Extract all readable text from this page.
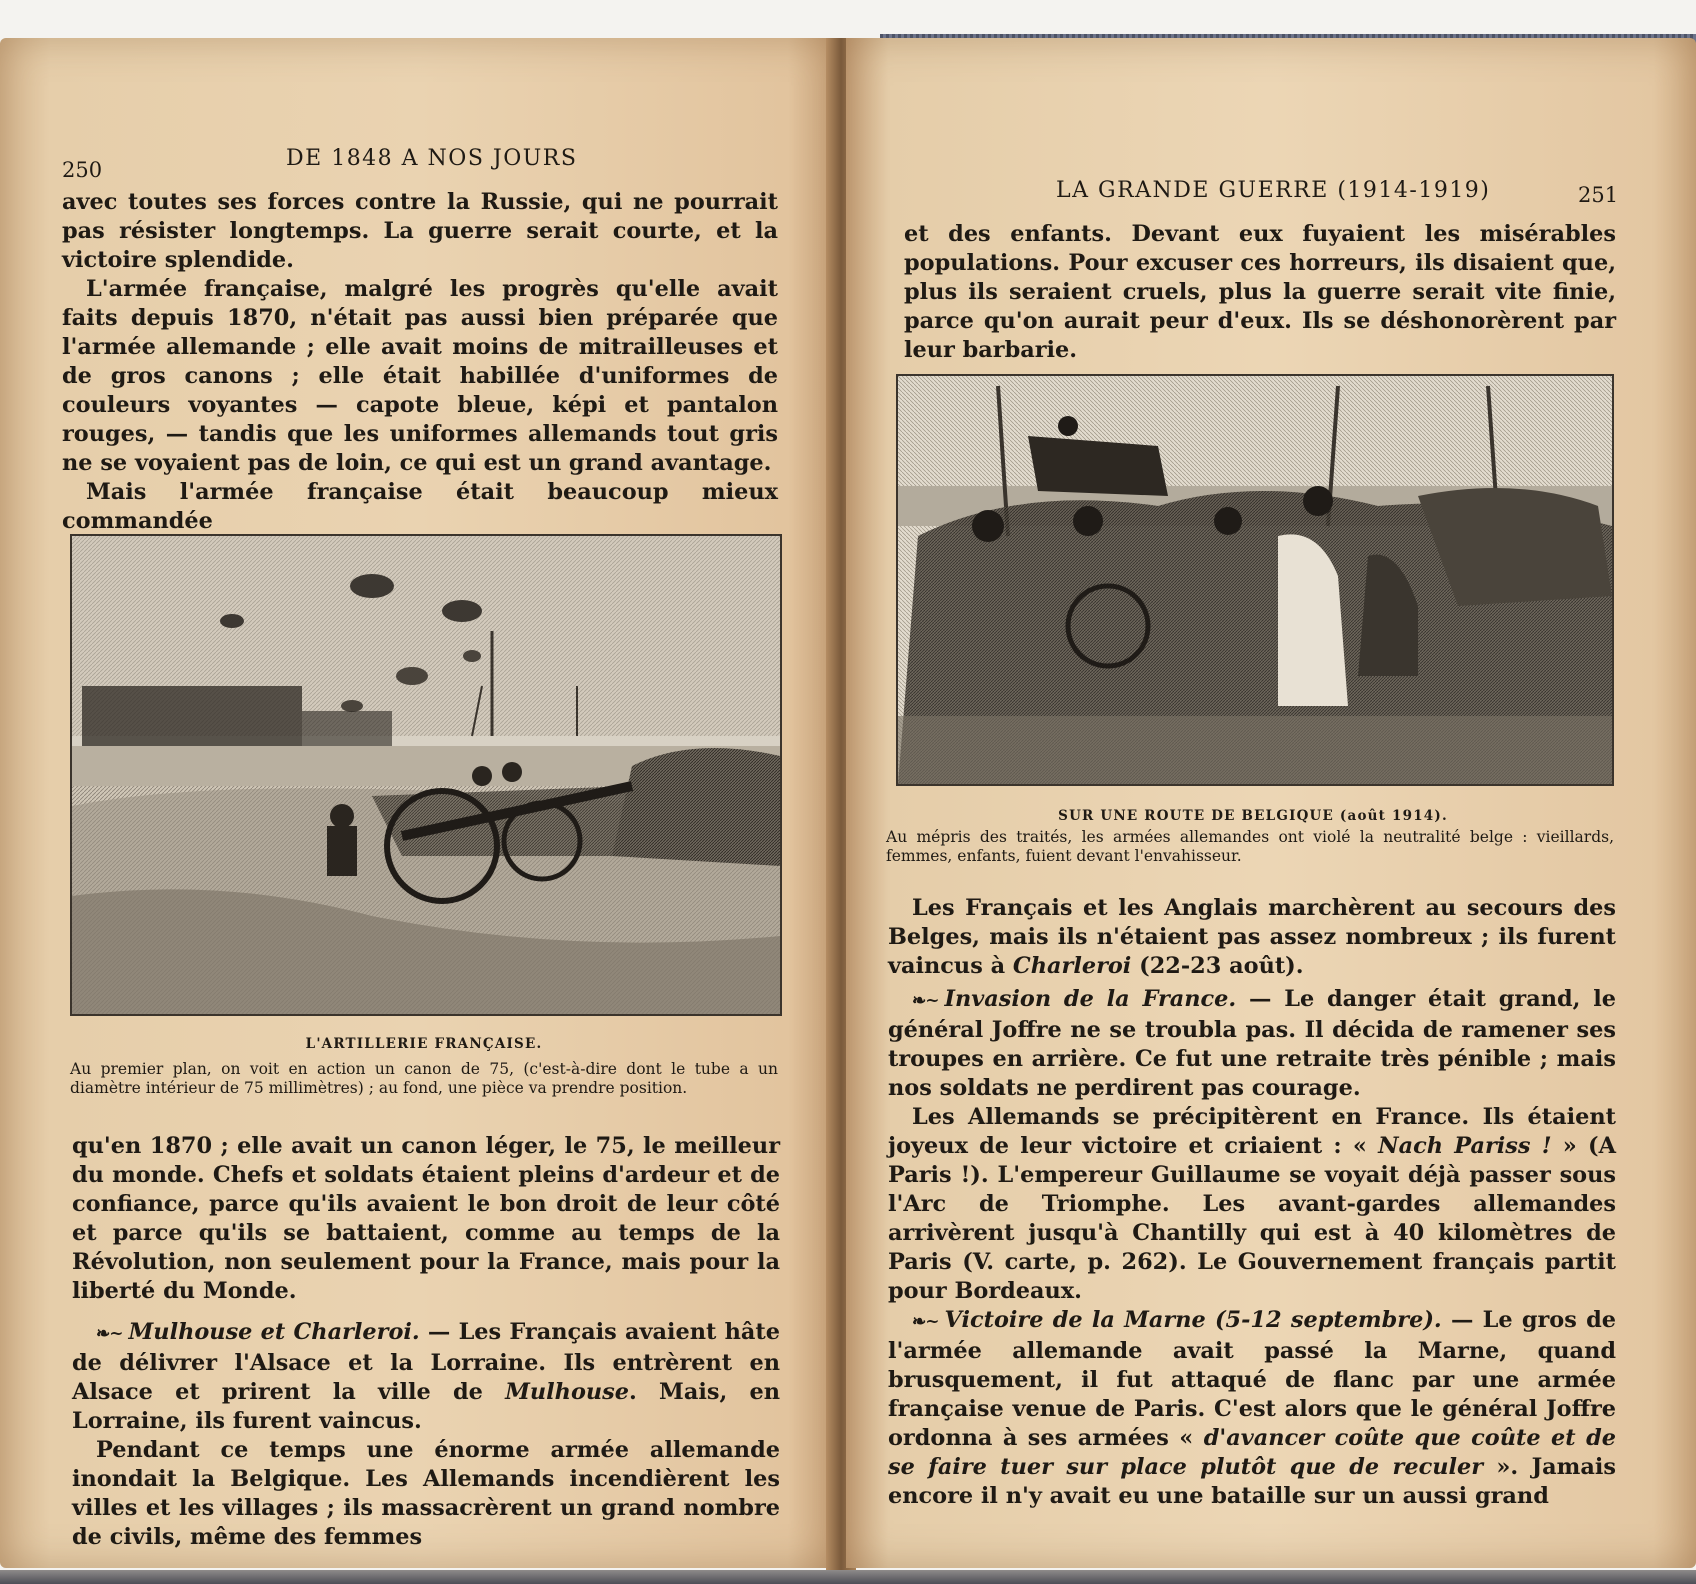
250	DE 1848 A NOS JOURS

avec toutes ses forces contre la Russie, qui ne pourrait pas résister longtemps. La guerre serait courte, et la victoire splendide.

L'armée française, malgré les progrès qu'elle avait faits depuis 1870, n'était pas aussi bien préparée que l'armée allemande ; elle avait moins de mitrailleuses et de gros canons ; elle était habillée d'uniformes de couleurs voyantes — capote bleue, képi et pantalon rouges, — tandis que les uniformes allemands tout gris ne se voyaient pas de loin, ce qui est un grand avantage.

Mais l'armée française était beaucoup mieux commandée

L'ARTILLERIE FRANÇAISE.
Au premier plan, on voit en action un canon de 75, (c'est-à-dire dont le tube a un diamètre intérieur de 75 millimètres) ; au fond, une pièce va prendre position.

qu'en 1870 ; elle avait un canon léger, le 75, le meilleur du monde. Chefs et soldats étaient pleins d'ardeur et de confiance, parce qu'ils avaient le bon droit de leur côté et parce qu'ils se battaient, comme au temps de la Révolution, non seulement pour la France, mais pour la liberté du Monde.

❧~ Mulhouse et Charleroi. — Les Français avaient hâte de délivrer l'Alsace et la Lorraine. Ils entrèrent en Alsace et prirent la ville de Mulhouse. Mais, en Lorraine, ils furent vaincus.

Pendant ce temps une énorme armée allemande inondait la Belgique. Les Allemands incendièrent les villes et les villages ; ils massacrèrent un grand nombre de civils, même des femmes

LA GRANDE GUERRE (1914-1919)	251

et des enfants. Devant eux fuyaient les misérables populations. Pour excuser ces horreurs, ils disaient que, plus ils seraient cruels, plus la guerre serait vite finie, parce qu'on aurait peur d'eux. Ils se déshonorèrent par leur barbarie.

SUR UNE ROUTE DE BELGIQUE (août 1914).
Au mépris des traités, les armées allemandes ont violé la neutralité belge : vieillards, femmes, enfants, fuient devant l'envahisseur.

Les Français et les Anglais marchèrent au secours des Belges, mais ils n'étaient pas assez nombreux ; ils furent vaincus à Charleroi (22-23 août).

❧~ Invasion de la France. — Le danger était grand, le général Joffre ne se troubla pas. Il décida de ramener ses troupes en arrière. Ce fut une retraite très pénible ; mais nos soldats ne perdirent pas courage.

Les Allemands se précipitèrent en France. Ils étaient joyeux de leur victoire et criaient : « Nach Pariss ! » (A Paris !). L'empereur Guillaume se voyait déjà passer sous l'Arc de Triomphe. Les avant-gardes allemandes arrivèrent jusqu'à Chantilly qui est à 40 kilomètres de Paris (V. carte, p. 262). Le Gouvernement français partit pour Bordeaux.

❧~ Victoire de la Marne (5-12 septembre). — Le gros de l'armée allemande avait passé la Marne, quand brusquement, il fut attaqué de flanc par une armée française venue de Paris. C'est alors que le général Joffre ordonna à ses armées « d'avancer coûte que coûte et de se faire tuer sur place plutôt que de reculer ». Jamais encore il n'y avait eu une bataille sur un aussi grand
